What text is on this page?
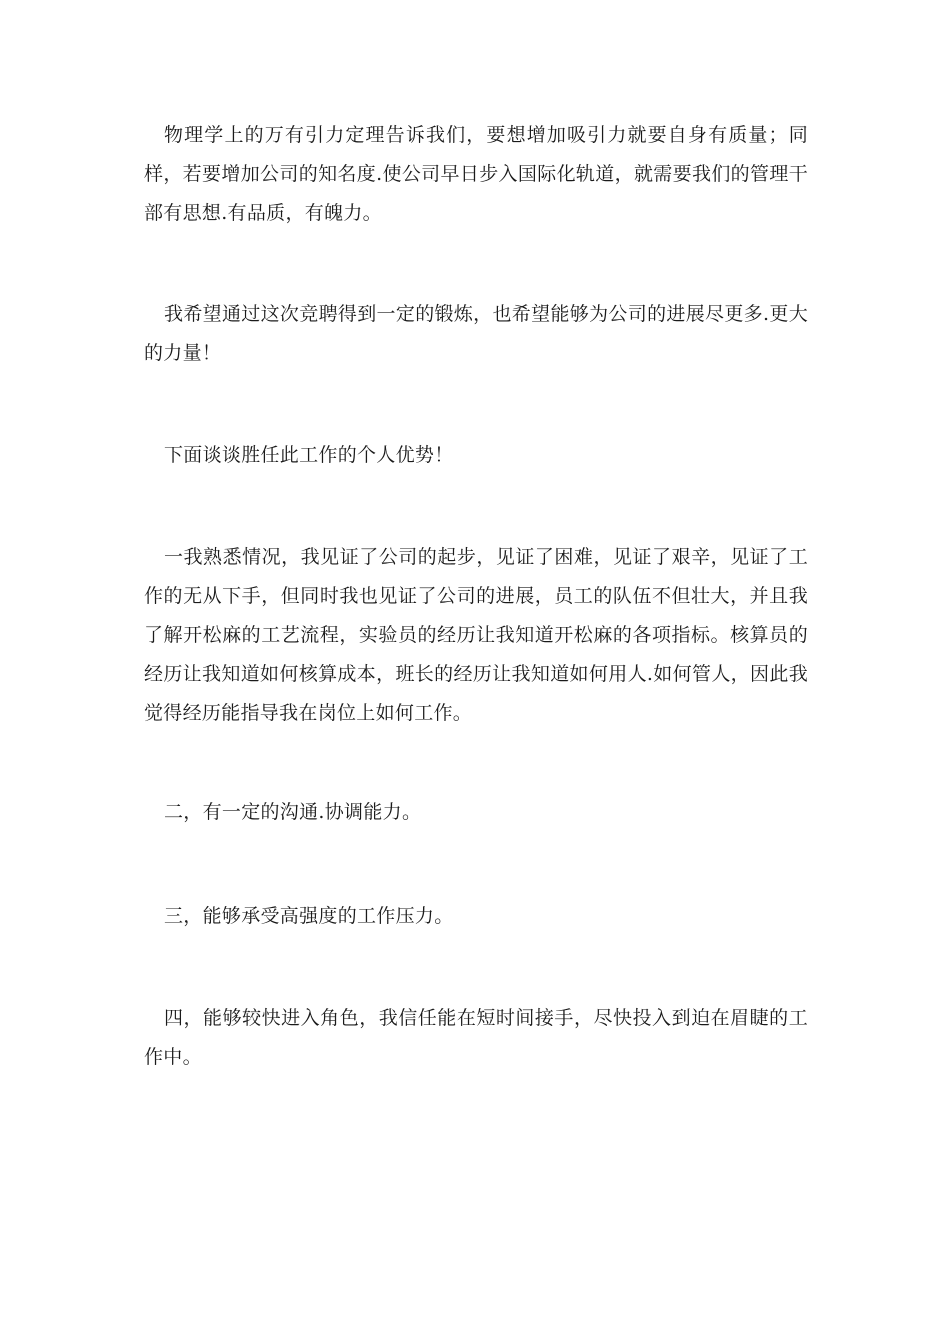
物理学上的万有引力定理告诉我们，要想增加吸引力就要自身有质量；同样，若要增加公司的知名度.使公司早日步入国际化轨道，就需要我们的管理干部有思想.有品质，有魄力。

我希望通过这次竞聘得到一定的锻炼，也希望能够为公司的进展尽更多.更大的力量！

下面谈谈胜任此工作的个人优势！

一我熟悉情况，我见证了公司的起步，见证了困难，见证了艰辛，见证了工作的无从下手，但同时我也见证了公司的进展，员工的队伍不但壮大，并且我了解开松麻的工艺流程，实验员的经历让我知道开松麻的各项指标。核算员的经历让我知道如何核算成本，班长的经历让我知道如何用人.如何管人，因此我觉得经历能指导我在岗位上如何工作。

二，有一定的沟通.协调能力。

三，能够承受高强度的工作压力。

四，能够较快进入角色，我信任能在短时间接手，尽快投入到迫在眉睫的工作中。
